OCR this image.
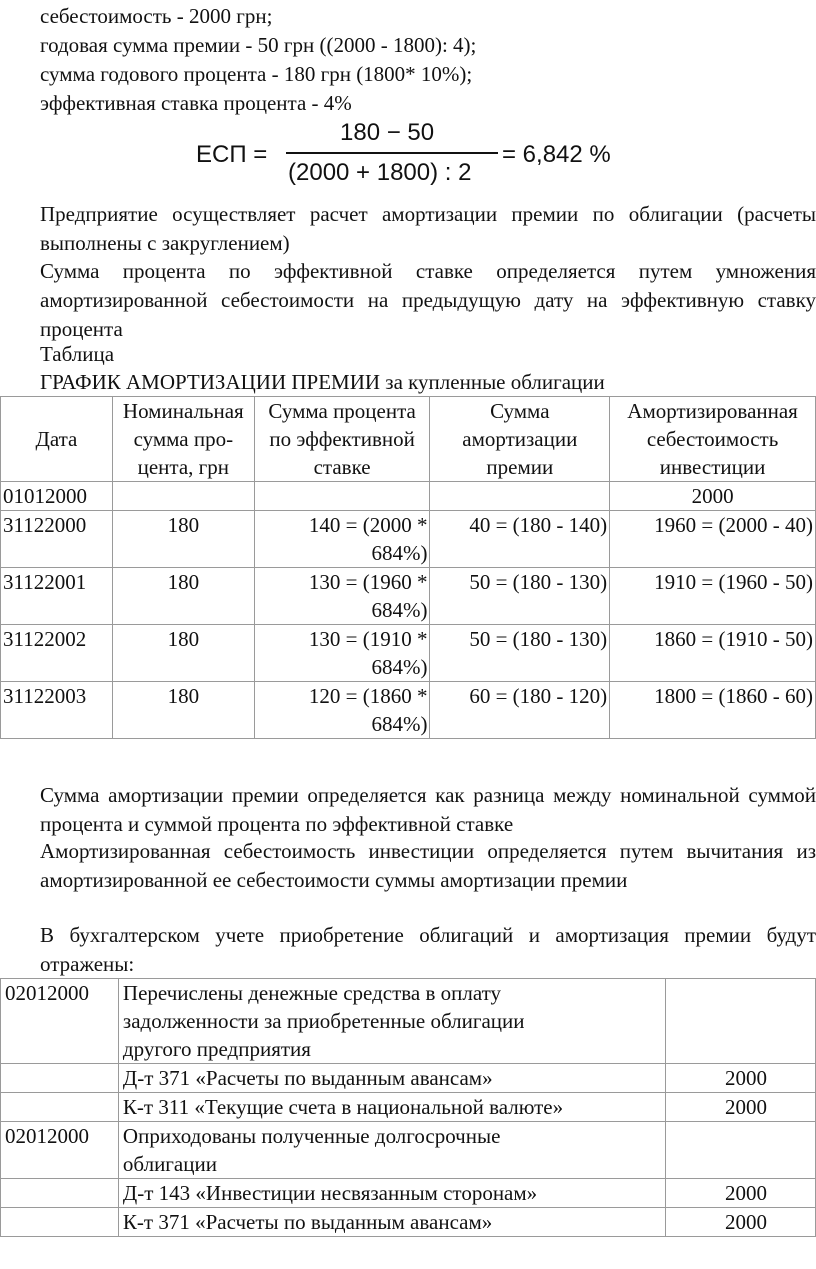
себестоимость - 2000 грн;

годовая сумма премии - 50 грн ((2000 - 1800): 4);

сумма годового процента - 180 грн (1800* 10%);

эффективная ставка процента - 4%

ЕСП =
180 − 50
(2000 + 1800) : 2
= 6,842 %

Предприятие осуществляет расчет амортизации премии по облигации (расчеты выполнены с закруглением)

Сумма процента по эффективной ставке определяется путем умножения амортизированной себестоимости на предыдущую дату на эффективную ставку процента

Таблица

ГРАФИК АМОРТИЗАЦИИ ПРЕМИИ за купленные облигации

Дата	Номинальная сумма про-цента, грн	Сумма процента по эффективной ставке	Сумма амортизации премии	Амортизированная себестоимость инвестиции
01012000				2000
31122000	180	140 = (2000 * 684%)	40 = (180 - 140)	1960 = (2000 - 40)
31122001	180	130 = (1960 * 684%)	50 = (180 - 130)	1910 = (1960 - 50)
31122002	180	130 = (1910 * 684%)	50 = (180 - 130)	1860 = (1910 - 50)
31122003	180	120 = (1860 * 684%)	60 = (180 - 120)	1800 = (1860 - 60)

Сумма амортизации премии определяется как разница между номинальной суммой процента и суммой процента по эффективной ставке

Амортизированная себестоимость инвестиции определяется путем вычитания из амортизированной ее себестоимости суммы амортизации премии

В бухгалтерском учете приобретение облигаций и амортизация премии будут отражены:

02012000	Перечислены денежные средства в оплату задолженности за приобретенные облигации другого предприятия	
	Д-т 371 «Расчеты по выданным авансам»	2000
	К-т 311 «Текущие счета в национальной валюте»	2000
02012000	Оприходованы полученные долгосрочные облигации	
	Д-т 143 «Инвестиции несвязанным сторонам»	2000
	К-т 371 «Расчеты по выданным авансам»	2000
